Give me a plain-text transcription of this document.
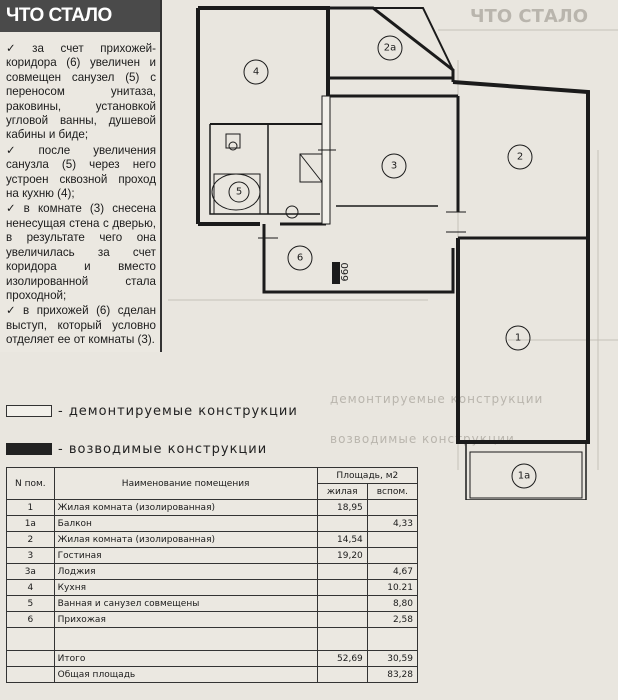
ЧТО СТАЛО
демонтируемые конструкции
возводимые конструкции
ЧТО СТАЛО
✓ за счет прихожей-коридора (6) увеличен и совмещен санузел (5) с переносом унитаза, раковины, установкой угловой ванны, душевой кабины и биде;
✓ после увеличения санузла (5) через него устроен сквозной проход на кухню (4);
✓ в комнате (3) снесена ненесущая стена с дверью, в результате чего она увеличилась за счет коридора и вместо изолированной стала проходной;
✓ в прихожей (6) сделан выступ, который условно отделяет ее от комнаты (3).
4
2а
3
2
1
1а
5
6
660
- демонтируемые конструкции
- возводимые конструкции
N пом.	Наименование помещения	Площадь, м2	
		жилая	вспом.
1	Жилая комната (изолированная)	18,95	
1а	Балкон		4,33
2	Жилая комната (изолированная)	14,54	
3	Гостиная	19,20	
3а	Лоджия		4,67
4	Кухня		10.21
5	Ванная и санузел совмещены		8,80
6	Прихожая		2,58

	Итого	52,69	30,59
	Общая площадь		83,28
